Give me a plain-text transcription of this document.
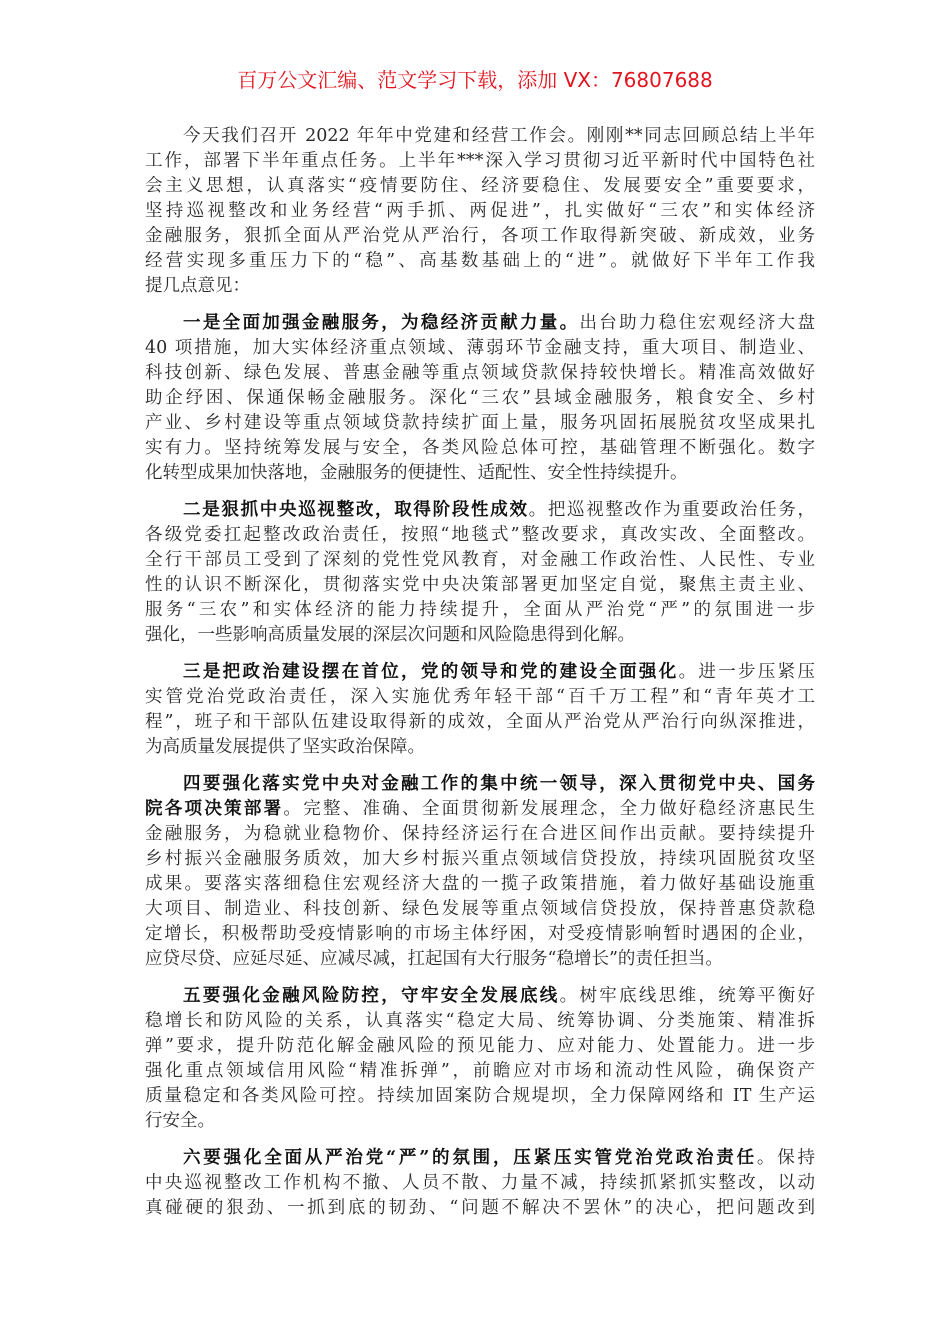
百万公文汇编、范文学习下载，添加 VX：76807688
今天我们召开 2022 年年中党建和经营工作会。刚刚**同志回顾总结上半年
工作，部署下半年重点任务。上半年***深入学习贯彻习近平新时代中国特色社
会主义思想，认真落实“疫情要防住、经济要稳住、发展要安全”重要要求，
坚持巡视整改和业务经营“两手抓、两促进”，扎实做好“三农”和实体经济
金融服务，狠抓全面从严治党从严治行，各项工作取得新突破、新成效，业务
经营实现多重压力下的“稳”、高基数基础上的“进”。就做好下半年工作我
提几点意见：
一是全面加强金融服务，为稳经济贡献力量。出台助力稳住宏观经济大盘
40 项措施，加大实体经济重点领域、薄弱环节金融支持，重大项目、制造业、
科技创新、绿色发展、普惠金融等重点领域贷款保持较快增长。精准高效做好
助企纾困、保通保畅金融服务。深化“三农”县域金融服务，粮食安全、乡村
产业、乡村建设等重点领域贷款持续扩面上量，服务巩固拓展脱贫攻坚成果扎
实有力。坚持统筹发展与安全，各类风险总体可控，基础管理不断强化。数字
化转型成果加快落地，金融服务的便捷性、适配性、安全性持续提升。
二是狠抓中央巡视整改，取得阶段性成效。把巡视整改作为重要政治任务，
各级党委扛起整改政治责任，按照“地毯式”整改要求，真改实改、全面整改。
全行干部员工受到了深刻的党性党风教育，对金融工作政治性、人民性、专业
性的认识不断深化，贯彻落实党中央决策部署更加坚定自觉，聚焦主责主业、
服务“三农”和实体经济的能力持续提升，全面从严治党“严”的氛围进一步
强化，一些影响高质量发展的深层次问题和风险隐患得到化解。
三是把政治建设摆在首位，党的领导和党的建设全面强化。进一步压紧压
实管党治党政治责任，深入实施优秀年轻干部“百千万工程”和“青年英才工
程”，班子和干部队伍建设取得新的成效，全面从严治党从严治行向纵深推进，
为高质量发展提供了坚实政治保障。
四要强化落实党中央对金融工作的集中统一领导，深入贯彻党中央、国务
院各项决策部署。完整、准确、全面贯彻新发展理念，全力做好稳经济惠民生
金融服务，为稳就业稳物价、保持经济运行在合进区间作出贡献。要持续提升
乡村振兴金融服务质效，加大乡村振兴重点领域信贷投放，持续巩固脱贫攻坚
成果。要落实落细稳住宏观经济大盘的一揽子政策措施，着力做好基础设施重
大项目、制造业、科技创新、绿色发展等重点领域信贷投放，保持普惠贷款稳
定增长，积极帮助受疫情影响的市场主体纾困，对受疫情影响暂时遇困的企业，
应贷尽贷、应延尽延、应减尽减，扛起国有大行服务“稳增长”的责任担当。
五要强化金融风险防控，守牢安全发展底线。树牢底线思维，统筹平衡好
稳增长和防风险的关系，认真落实“稳定大局、统筹协调、分类施策、精准拆
弹”要求，提升防范化解金融风险的预见能力、应对能力、处置能力。进一步
强化重点领域信用风险“精准拆弹”，前瞻应对市场和流动性风险，确保资产
质量稳定和各类风险可控。持续加固案防合规堤坝，全力保障网络和 IT 生产运
行安全。
六要强化全面从严治党“严”的氛围，压紧压实管党治党政治责任。保持
中央巡视整改工作机构不撤、人员不散、力量不减，持续抓紧抓实整改，以动
真碰硬的狠劲、一抓到底的韧劲、“问题不解决不罢休”的决心，把问题改到
